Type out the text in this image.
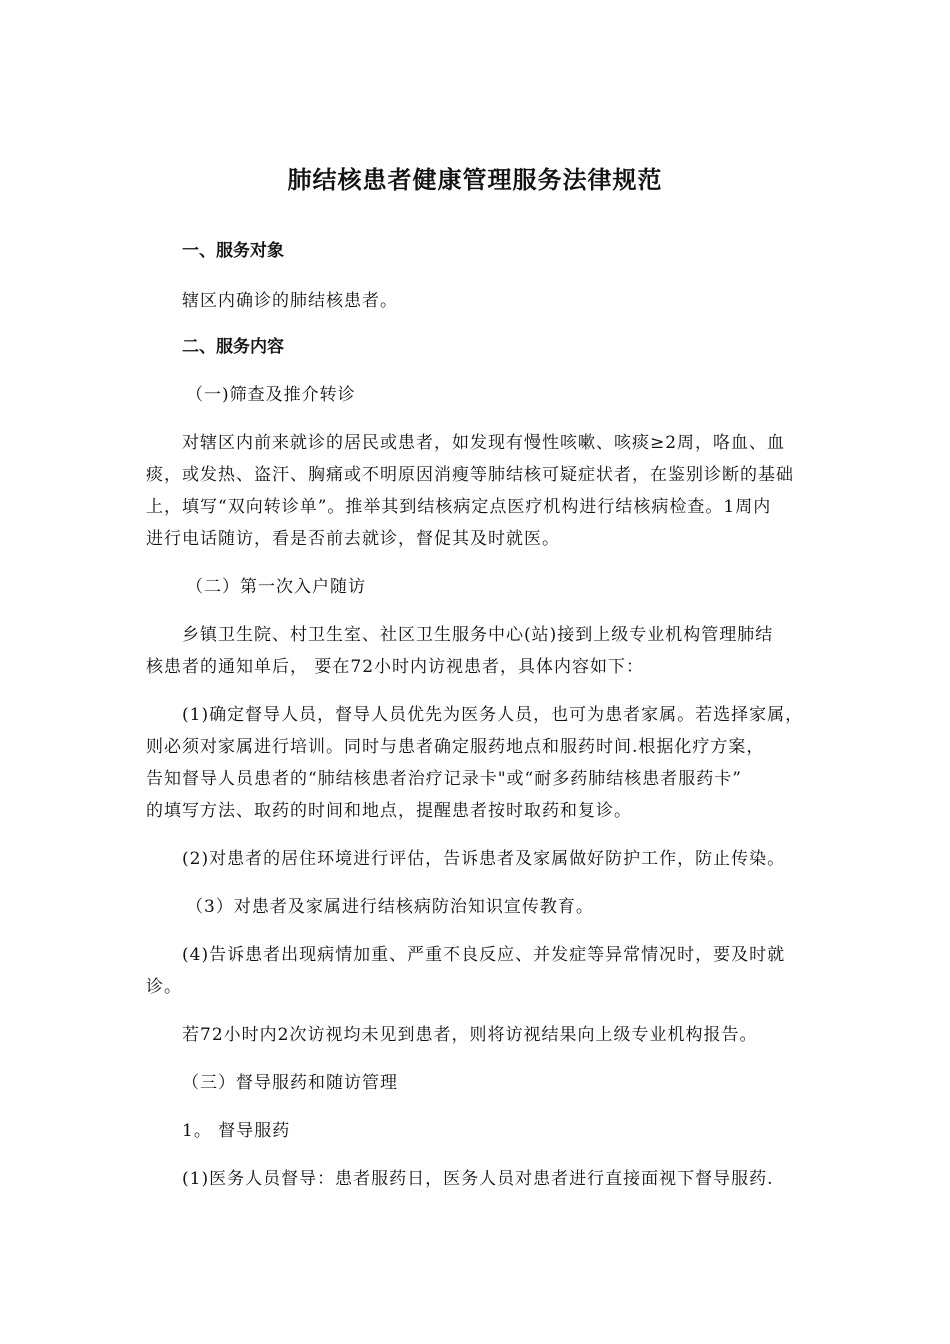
肺结核患者健康管理服务法律规范
一、服务对象
辖区内确诊的肺结核患者。
二、服务内容
（一)筛查及推介转诊
对辖区内前来就诊的居民或患者，如发现有慢性咳嗽、咳痰≥2周，咯血、血
痰，或发热、盗汗、胸痛或不明原因消瘦等肺结核可疑症状者，在鉴别诊断的基础
上，填写“双向转诊单”。推举其到结核病定点医疗机构进行结核病检查。1周内
进行电话随访，看是否前去就诊，督促其及时就医。
（二）第一次入户随访
乡镇卫生院、村卫生室、社区卫生服务中心(站)接到上级专业机构管理肺结
核患者的通知单后， 要在72小时内访视患者，具体内容如下：
(1)确定督导人员，督导人员优先为医务人员，也可为患者家属。若选择家属，
则必须对家属进行培训。同时与患者确定服药地点和服药时间.根据化疗方案，
告知督导人员患者的“肺结核患者治疗记录卡"或“耐多药肺结核患者服药卡”
的填写方法、取药的时间和地点，提醒患者按时取药和复诊。
(2)对患者的居住环境进行评估，告诉患者及家属做好防护工作，防止传染。
（3）对患者及家属进行结核病防治知识宣传教育。
(4)告诉患者出现病情加重、严重不良反应、并发症等异常情况时，要及时就
诊。
若72小时内2次访视均未见到患者，则将访视结果向上级专业机构报告。
（三）督导服药和随访管理
1。 督导服药
(1)医务人员督导：患者服药日，医务人员对患者进行直接面视下督导服药.
